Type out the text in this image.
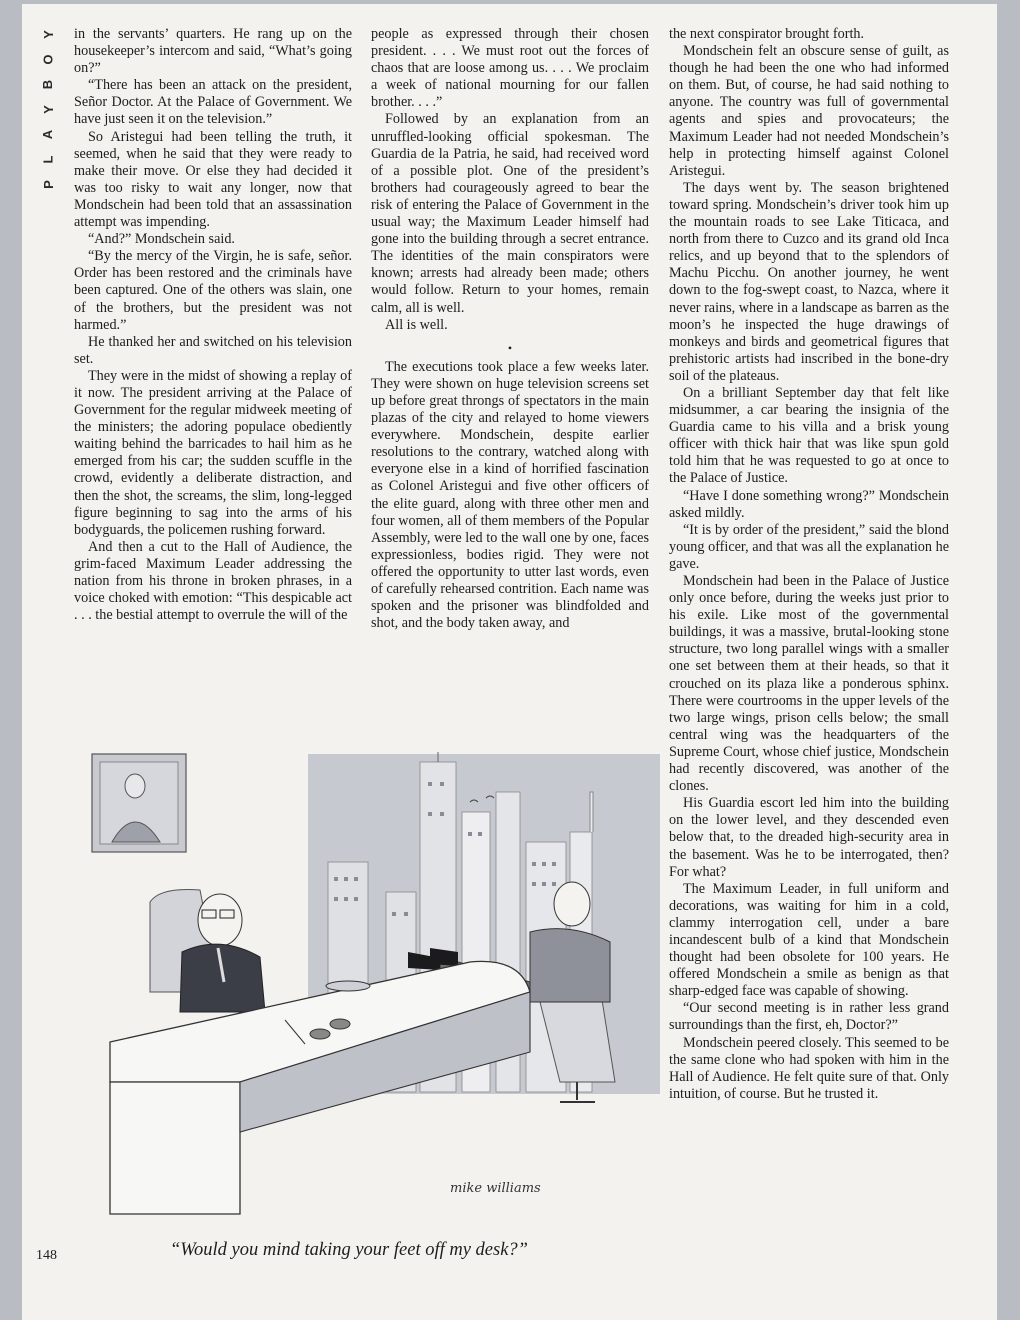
Y
O
B
Y
A
L
P

in the servants’ quarters. He rang up on the housekeeper’s intercom and said, “What’s going on?”

“There has been an attack on the president, Señor Doctor. At the Palace of Government. We have just seen it on the television.”

So Aristegui had been telling the truth, it seemed, when he said that they were ready to make their move. Or else they had decided it was too risky to wait any longer, now that Mondschein had been told that an assassination attempt was impending.

“And?” Mondschein said.

“By the mercy of the Virgin, he is safe, señor. Order has been restored and the criminals have been captured. One of the others was slain, one of the brothers, but the president was not harmed.”

He thanked her and switched on his television set.

They were in the midst of showing a replay of it now. The president arriving at the Palace of Government for the regular midweek meeting of the ministers; the adoring populace obediently waiting behind the barricades to hail him as he emerged from his car; the sudden scuffle in the crowd, evidently a deliberate distraction, and then the shot, the screams, the slim, long-legged figure beginning to sag into the arms of his bodyguards, the policemen rushing forward.

And then a cut to the Hall of Audience, the grim-faced Maximum Leader addressing the nation from his throne in broken phrases, in a voice choked with emotion: “This despicable act . . . the bestial attempt to overrule the will of the

people as expressed through their chosen president. . . . We must root out the forces of chaos that are loose among us. . . . We proclaim a week of national mourning for our fallen brother. . . .”

Followed by an explanation from an unruffled-looking official spokesman. The Guardia de la Patria, he said, had received word of a possible plot. One of the president’s brothers had courageously agreed to bear the risk of entering the Palace of Government in the usual way; the Maximum Leader himself had gone into the building through a secret entrance. The identities of the main conspirators were known; arrests had already been made; others would follow. Return to your homes, remain calm, all is well.

All is well.

•

The executions took place a few weeks later. They were shown on huge television screens set up before great throngs of spectators in the main plazas of the city and relayed to home viewers everywhere. Mondschein, despite earlier resolutions to the contrary, watched along with everyone else in a kind of horrified fascination as Colonel Aristegui and five other officers of the elite guard, along with three other men and four women, all of them members of the Popular Assembly, were led to the wall one by one, faces expressionless, bodies rigid. They were not offered the opportunity to utter last words, even of carefully rehearsed contrition. Each name was spoken and the prisoner was blindfolded and shot, and the body taken away, and

the next conspirator brought forth.

Mondschein felt an obscure sense of guilt, as though he had been the one who had informed on them. But, of course, he had said nothing to anyone. The country was full of governmental agents and spies and provocateurs; the Maximum Leader had not needed Mondschein’s help in protecting himself against Colonel Aristegui.

The days went by. The season brightened toward spring. Mondschein’s driver took him up the mountain roads to see Lake Titicaca, and north from there to Cuzco and its grand old Inca relics, and up beyond that to the splendors of Machu Picchu. On another journey, he went down to the fog-swept coast, to Nazca, where it never rains, where in a landscape as barren as the moon’s he inspected the huge drawings of monkeys and birds and geometrical figures that prehistoric artists had inscribed in the bone-dry soil of the plateaus.

On a brilliant September day that felt like midsummer, a car bearing the insignia of the Guardia came to his villa and a brisk young officer with thick hair that was like spun gold told him that he was requested to go at once to the Palace of Justice.

“Have I done something wrong?” Mondschein asked mildly.

“It is by order of the president,” said the blond young officer, and that was all the explanation he gave.

Mondschein had been in the Palace of Justice only once before, during the weeks just prior to his exile. Like most of the governmental buildings, it was a massive, brutal-looking stone structure, two long parallel wings with a smaller one set between them at their heads, so that it crouched on its plaza like a ponderous sphinx. There were courtrooms in the upper levels of the two large wings, prison cells below; the small central wing was the headquarters of the Supreme Court, whose chief justice, Mondschein had recently discovered, was another of the clones.

His Guardia escort led him into the building on the lower level, and they descended even below that, to the dreaded high-security area in the basement. Was he to be interrogated, then? For what?

The Maximum Leader, in full uniform and decorations, was waiting for him in a cold, clammy interrogation cell, under a bare incandescent bulb of a kind that Mondschein thought had been obsolete for 100 years. He offered Mondschein a smile as benign as that sharp-edged face was capable of showing.

“Our second meeting is in rather less grand surroundings than the first, eh, Doctor?”

Mondschein peered closely. This seemed to be the same clone who had spoken with him in the Hall of Audience. He felt quite sure of that. Only intuition, of course. But he trusted it.

mike williams
“Would you mind taking your feet off my desk?”
148
